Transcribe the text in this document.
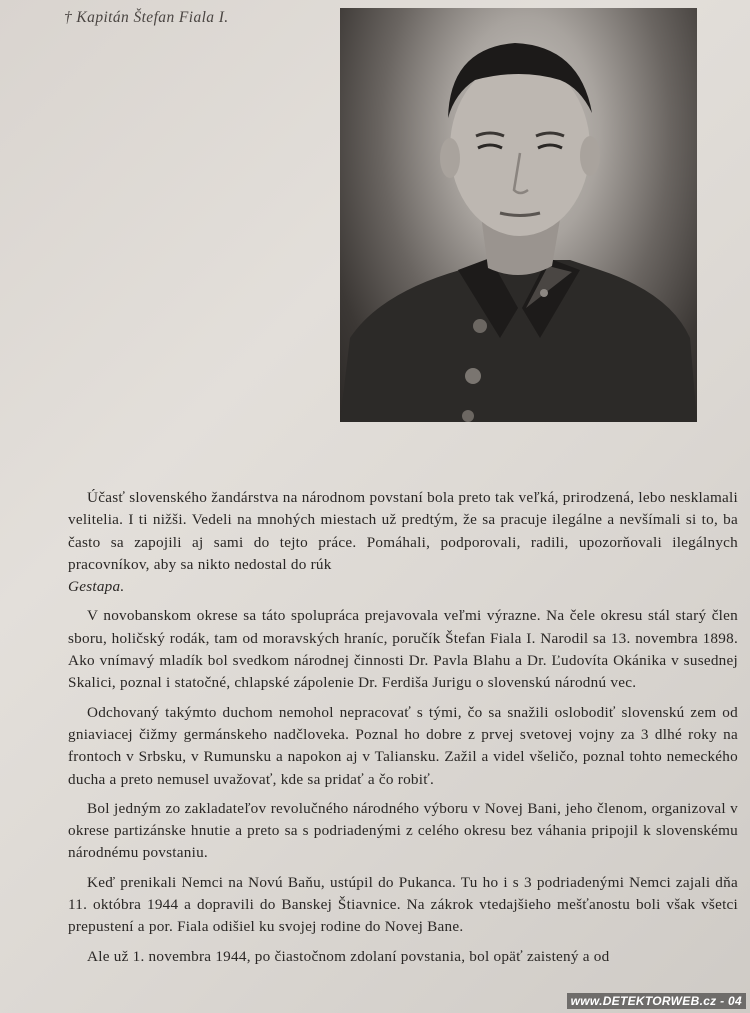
† Kapitán Štefan Fiala I.

Účasť slovenského žandárstva na národnom povstaní bola preto tak veľká, prirodzená, lebo nesklamali velitelia. I ti nižši. Vedeli na mnohých miestach už predtým, že sa pracuje ilegálne a nevšímali si to, ba často sa zapojili aj sami do tejto práce. Pomáhali, podporovali, radili, upozorňovali ilegálnych pracovníkov, aby sa nikto nedostal do rúk

Gestapa.

V novobanskom okrese sa táto spolupráca prejavovala veľmi výrazne. Na čele okresu stál starý člen sboru, holičský rodák, tam od moravských hraníc, poručík Štefan Fiala I. Narodil sa 13. novembra 1898. Ako vnímavý mladík bol svedkom národnej činnosti Dr. Pavla Blahu a Dr. Ľudovíta Okánika v susednej Skalici, poznal i statočné, chlapské zápolenie Dr. Ferdiša Jurigu o slovenskú národnú vec.

Odchovaný takýmto duchom nemohol nepracovať s tými, čo sa snažili oslobodiť slovenskú zem od gniaviacej čižmy germánskeho nadčloveka. Poznal ho dobre z prvej svetovej vojny za 3 dlhé roky na frontoch v Srbsku, v Rumunsku a napokon aj v Taliansku. Zažil a videl všeličo, poznal tohto nemeckého ducha a preto nemusel uvažovať, kde sa pridať a čo robiť.

Bol jedným zo zakladateľov revolučného národného výboru v Novej Bani, jeho členom, organizoval v okrese partizánske hnutie a preto sa s podriadenými z celého okresu bez váhania pripojil k slovenskému národnému povstaniu.

Keď prenikali Nemci na Novú Baňu, ustúpil do Pukanca. Tu ho i s 3 podriadenými Nemci zajali dňa 11. októbra 1944 a dopravili do Banskej Štiavnice. Na zákrok vtedajšieho mešťanostu boli však všetci prepustení a por. Fiala odišiel ku svojej rodine do Novej Bane.

Ale už 1. novembra 1944, po čiastočnom zdolaní povstania, bol opäť zaistený a od

www.DETEKTORWEB.cz - 04
